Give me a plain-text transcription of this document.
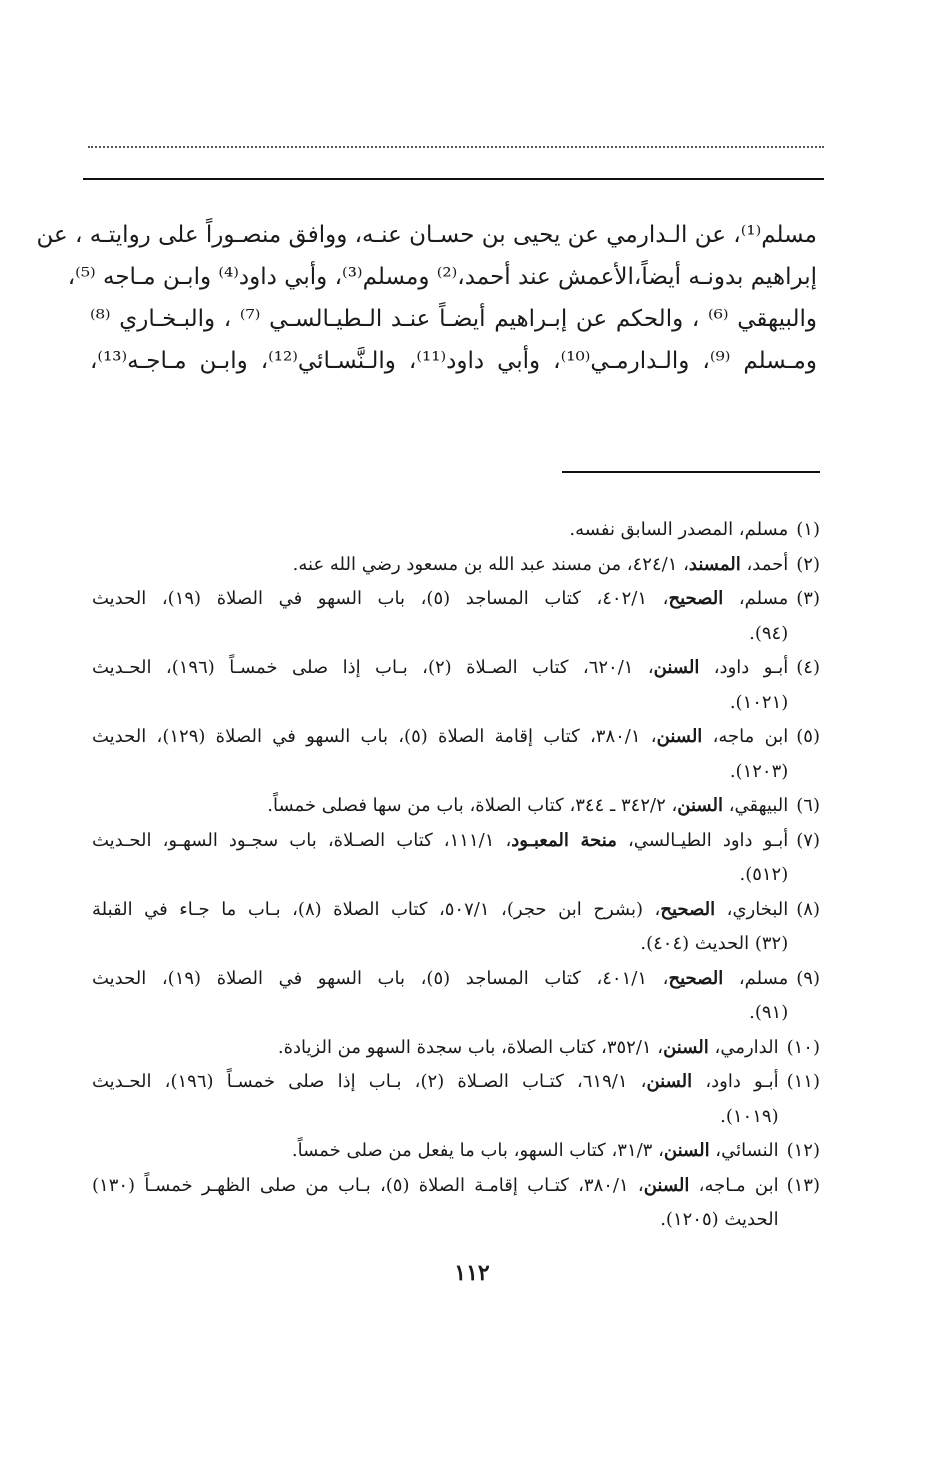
مسلم⁽¹⁾، عن الـدارمي عن يحيى بن حسـان عنـه، ووافق منصـوراً على روايتـه ، عن
إبراهيم بدونـه أيضاً،الأعمش عند أحمد،⁽²⁾ ومسلم⁽³⁾، وأبي داود⁽⁴⁾ وابـن مـاجه ⁽⁵⁾،
والبيهقي ⁽⁶⁾ ، والحكم عن إبـراهيم أيضـاً عنـد الـطيـالسـي ⁽⁷⁾ ، والبـخـاري ⁽⁸⁾
ومـسلم ⁽⁹⁾، والـدارمـي⁽¹⁰⁾، وأبي داود⁽¹¹⁾، والـنَّسـائي⁽¹²⁾، وابـن مـاجـه⁽¹³⁾،
(١)
مسلم، المصدر السابق نفسه.
(٢)
أحمد، المسند، ٤٢٤/١، من مسند عبد الله بن مسعود رضي الله عنه.
(٣)
مسلم، الصحيح، ٤٠٢/١، كتاب المساجد (٥)، باب السهو في الصلاة (١٩)، الحديث
(٩٤).
(٤)
أبـو داود، السنن، ٦٢٠/١، كتاب الصـلاة (٢)، بـاب إذا صلى خمسـاً (١٩٦)، الحـديث
(١٠٢١).
(٥)
ابن ماجه، السنن، ٣٨٠/١، كتاب إقامة الصلاة (٥)، باب السهو في الصلاة (١٢٩)، الحديث
(١٢٠٣).
(٦)
البيهقي، السنن، ٣٤٢/٢ ـ ٣٤٤، كتاب الصلاة، باب من سها فصلى خمساً.
(٧)
أبـو داود الطيـالسي، منحة المعبـود، ١١١/١، كتاب الصـلاة، باب سجـود السهـو، الحـديث
(٥١٢).
(٨)
البخاري، الصحيح، (بشرح ابن حجر)، ٥٠٧/١، كتاب الصلاة (٨)، بـاب ما جـاء في القبلة
(٣٢) الحديث (٤٠٤).
(٩)
مسلم، الصحيح، ٤٠١/١، كتاب المساجد (٥)، باب السهو في الصلاة (١٩)، الحديث
(٩١).
(١٠)
الدارمي، السنن، ٣٥٢/١، كتاب الصلاة، باب سجدة السهو من الزيادة.
(١١)
أبـو داود، السنن، ٦١٩/١، كتـاب الصـلاة (٢)، بـاب إذا صلى خمسـاً (١٩٦)، الحـديث
(١٠١٩).
(١٢)
النسائي، السنن، ٣١/٣، كتاب السهو، باب ما يفعل من صلى خمساً.
(١٣)
ابن مـاجه، السنن، ٣٨٠/١، كتـاب إقامـة الصلاة (٥)، بـاب من صلى الظهـر خمسـاً (١٣٠)
الحديث (١٢٠٥).
١١٢
